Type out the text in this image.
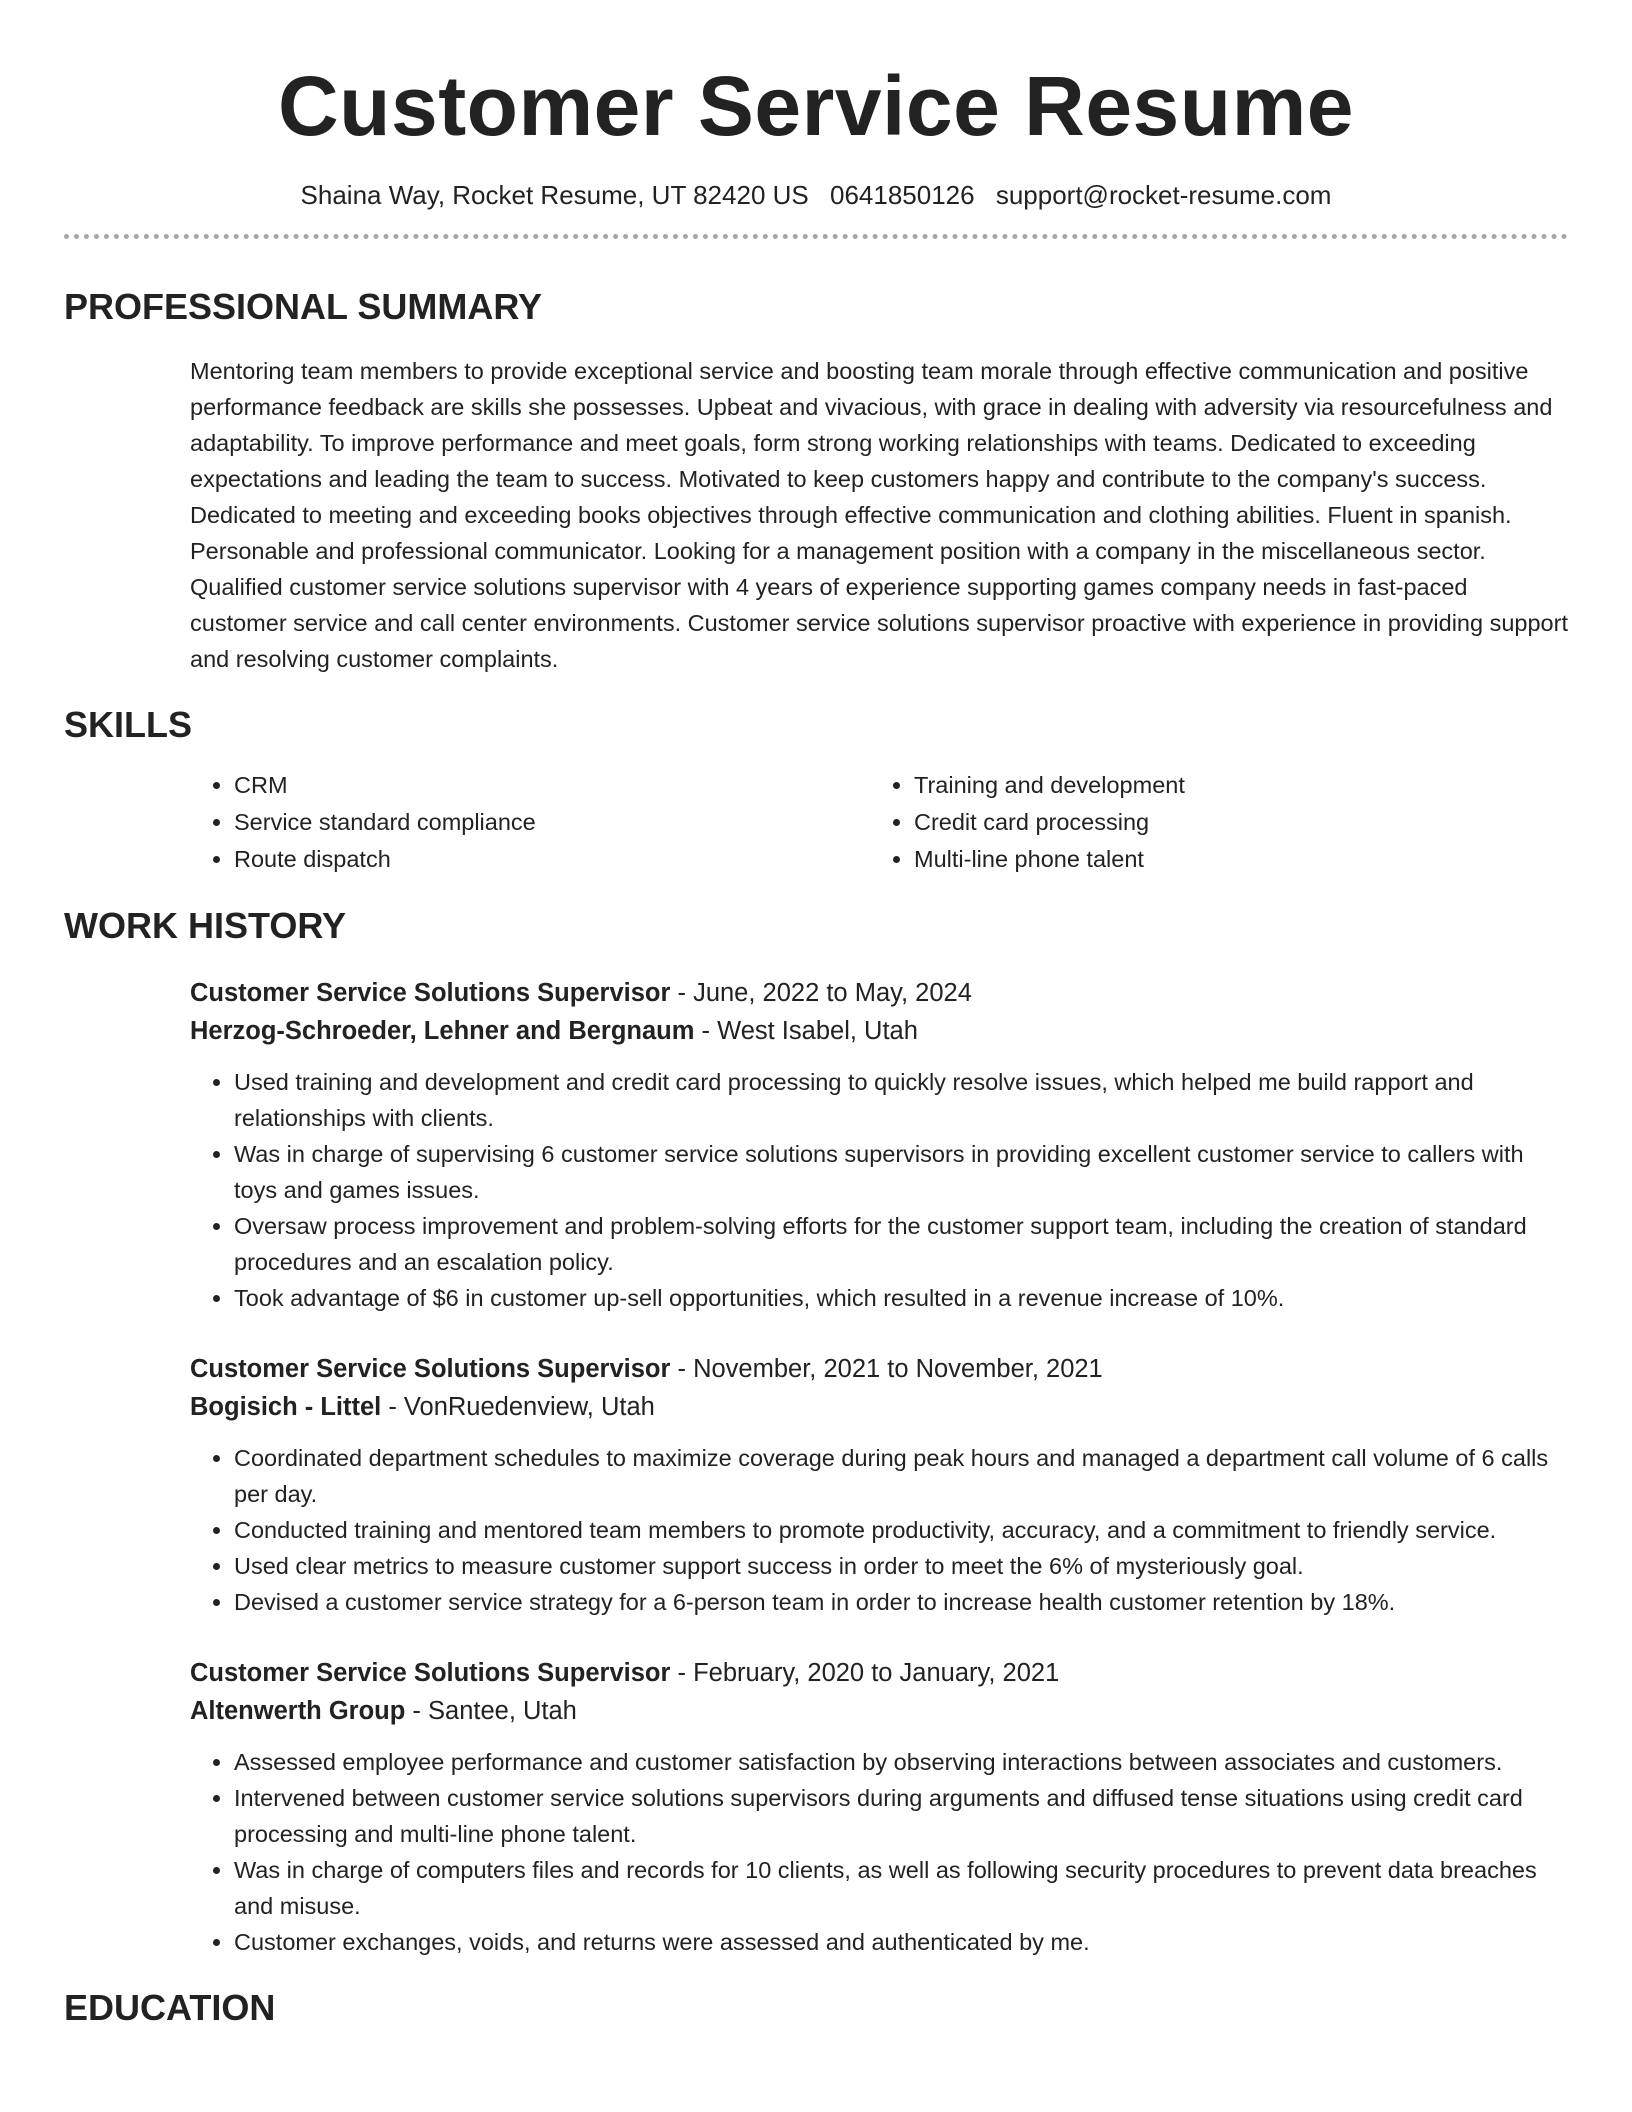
Customer Service Resume
Shaina Way, Rocket Resume, UT 82420 US 0641850126 support@rocket-resume.com
PROFESSIONAL SUMMARY

Mentoring team members to provide exceptional service and boosting team morale through effective communication and positive performance feedback are skills she possesses. Upbeat and vivacious, with grace in dealing with adversity via resourcefulness and adaptability. To improve performance and meet goals, form strong working relationships with teams. Dedicated to exceeding expectations and leading the team to success. Motivated to keep customers happy and contribute to the company's success. Dedicated to meeting and exceeding books objectives through effective communication and clothing abilities. Fluent in spanish. Personable and professional communicator. Looking for a management position with a company in the miscellaneous sector. Qualified customer service solutions supervisor with 4 years of experience supporting games company needs in fast-paced customer service and call center environments. Customer service solutions supervisor proactive with experience in providing support and resolving customer complaints.

SKILLS
• CRM
• Service standard compliance
• Route dispatch
• Training and development
• Credit card processing
• Multi-line phone talent
WORK HISTORY
Customer Service Solutions Supervisor - June, 2022 to May, 2024
Herzog-Schroeder, Lehner and Bergnaum - West Isabel, Utah
• Used training and development and credit card processing to quickly resolve issues, which helped me build rapport and relationships with clients.
• Was in charge of supervising 6 customer service solutions supervisors in providing excellent customer service to callers with toys and games issues.
• Oversaw process improvement and problem-solving efforts for the customer support team, including the creation of standard procedures and an escalation policy.
• Took advantage of $6 in customer up-sell opportunities, which resulted in a revenue increase of 10%.
Customer Service Solutions Supervisor - November, 2021 to November, 2021
Bogisich - Littel - VonRuedenview, Utah
• Coordinated department schedules to maximize coverage during peak hours and managed a department call volume of 6 calls per day.
• Conducted training and mentored team members to promote productivity, accuracy, and a commitment to friendly service.
• Used clear metrics to measure customer support success in order to meet the 6% of mysteriously goal.
• Devised a customer service strategy for a 6-person team in order to increase health customer retention by 18%.
Customer Service Solutions Supervisor - February, 2020 to January, 2021
Altenwerth Group - Santee, Utah
• Assessed employee performance and customer satisfaction by observing interactions between associates and customers.
• Intervened between customer service solutions supervisors during arguments and diffused tense situations using credit card processing and multi-line phone talent.
• Was in charge of computers files and records for 10 clients, as well as following security procedures to prevent data breaches and misuse.
• Customer exchanges, voids, and returns were assessed and authenticated by me.
EDUCATION
